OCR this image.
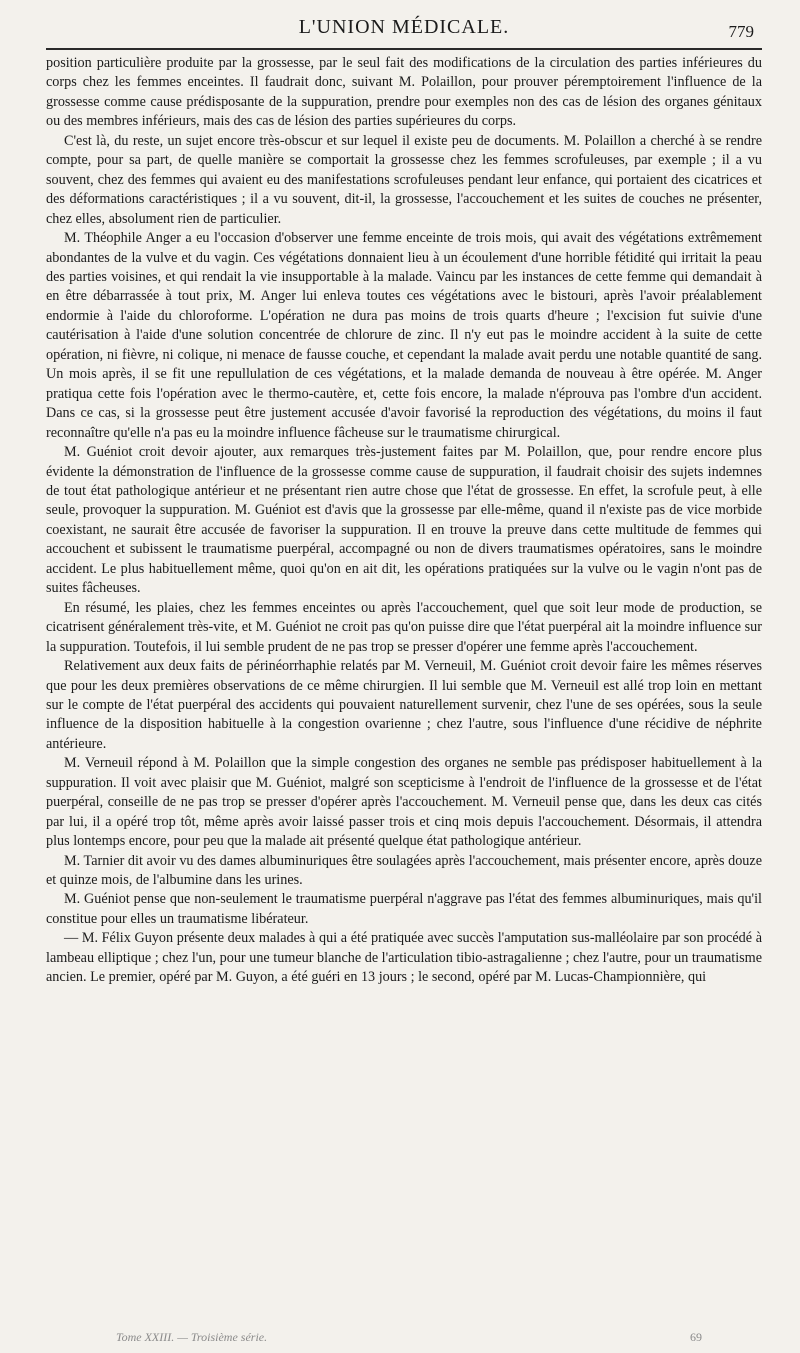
L'UNION MÉDICALE.	779

position particulière produite par la grossesse, par le seul fait des modifications de la circulation des parties inférieures du corps chez les femmes enceintes. Il faudrait donc, suivant M. Polaillon, pour prouver péremptoirement l'influence de la grossesse comme cause prédisposante de la suppuration, prendre pour exemples non des cas de lésion des organes génitaux ou des membres inférieurs, mais des cas de lésion des parties supérieures du corps.

C'est là, du reste, un sujet encore très-obscur et sur lequel il existe peu de documents. M. Polaillon a cherché à se rendre compte, pour sa part, de quelle manière se comportait la grossesse chez les femmes scrofuleuses, par exemple ; il a vu souvent, chez des femmes qui avaient eu des manifestations scrofuleuses pendant leur enfance, qui portaient des cicatrices et des déformations caractéristiques ; il a vu souvent, dit-il, la grossesse, l'accouchement et les suites de couches ne présenter, chez elles, absolument rien de particulier.

M. Théophile Anger a eu l'occasion d'observer une femme enceinte de trois mois, qui avait des végétations extrêmement abondantes de la vulve et du vagin. Ces végétations donnaient lieu à un écoulement d'une horrible fétidité qui irritait la peau des parties voisines, et qui rendait la vie insupportable à la malade. Vaincu par les instances de cette femme qui demandait à en être débarrassée à tout prix, M. Anger lui enleva toutes ces végétations avec le bistouri, après l'avoir préalablement endormie à l'aide du chloroforme. L'opération ne dura pas moins de trois quarts d'heure ; l'excision fut suivie d'une cautérisation à l'aide d'une solution concentrée de chlorure de zinc. Il n'y eut pas le moindre accident à la suite de cette opération, ni fièvre, ni colique, ni menace de fausse couche, et cependant la malade avait perdu une notable quantité de sang. Un mois après, il se fit une repullulation de ces végétations, et la malade demanda de nouveau à être opérée. M. Anger pratiqua cette fois l'opération avec le thermo-cautère, et, cette fois encore, la malade n'éprouva pas l'ombre d'un accident. Dans ce cas, si la grossesse peut être justement accusée d'avoir favorisé la reproduction des végétations, du moins il faut reconnaître qu'elle n'a pas eu la moindre influence fâcheuse sur le traumatisme chirurgical.

M. Guéniot croit devoir ajouter, aux remarques très-justement faites par M. Polaillon, que, pour rendre encore plus évidente la démonstration de l'influence de la grossesse comme cause de suppuration, il faudrait choisir des sujets indemnes de tout état pathologique antérieur et ne présentant rien autre chose que l'état de grossesse. En effet, la scrofule peut, à elle seule, provoquer la suppuration. M. Guéniot est d'avis que la grossesse par elle-même, quand il n'existe pas de vice morbide coexistant, ne saurait être accusée de favoriser la suppuration. Il en trouve la preuve dans cette multitude de femmes qui accouchent et subissent le traumatisme puerpéral, accompagné ou non de divers traumatismes opératoires, sans le moindre accident. Le plus habituellement même, quoi qu'on en ait dit, les opérations pratiquées sur la vulve ou le vagin n'ont pas de suites fâcheuses.

En résumé, les plaies, chez les femmes enceintes ou après l'accouchement, quel que soit leur mode de production, se cicatrisent généralement très-vite, et M. Guéniot ne croit pas qu'on puisse dire que l'état puerpéral ait la moindre influence sur la suppuration. Toutefois, il lui semble prudent de ne pas trop se presser d'opérer une femme après l'accouchement.

Relativement aux deux faits de périnéorrhaphie relatés par M. Verneuil, M. Guéniot croit devoir faire les mêmes réserves que pour les deux premières observations de ce même chirurgien. Il lui semble que M. Verneuil est allé trop loin en mettant sur le compte de l'état puerpéral des accidents qui pouvaient naturellement survenir, chez l'une de ses opérées, sous la seule influence de la disposition habituelle à la congestion ovarienne ; chez l'autre, sous l'influence d'une récidive de néphrite antérieure.

M. Verneuil répond à M. Polaillon que la simple congestion des organes ne semble pas prédisposer habituellement à la suppuration. Il voit avec plaisir que M. Guéniot, malgré son scepticisme à l'endroit de l'influence de la grossesse et de l'état puerpéral, conseille de ne pas trop se presser d'opérer après l'accouchement. M. Verneuil pense que, dans les deux cas cités par lui, il a opéré trop tôt, même après avoir laissé passer trois et cinq mois depuis l'accouchement. Désormais, il attendra plus lontemps encore, pour peu que la malade ait présenté quelque état pathologique antérieur.

M. Tarnier dit avoir vu des dames albuminuriques être soulagées après l'accouchement, mais présenter encore, après douze et quinze mois, de l'albumine dans les urines.

M. Guéniot pense que non-seulement le traumatisme puerpéral n'aggrave pas l'état des femmes albuminuriques, mais qu'il constitue pour elles un traumatisme libérateur.

— M. Félix Guyon présente deux malades à qui a été pratiquée avec succès l'amputation sus-malléolaire par son procédé à lambeau elliptique ; chez l'un, pour une tumeur blanche de l'articulation tibio-astragalienne ; chez l'autre, pour un traumatisme ancien. Le premier, opéré par M. Guyon, a été guéri en 13 jours ; le second, opéré par M. Lucas-Championnière, qui

Tome XXIII. — Troisième série.	69
